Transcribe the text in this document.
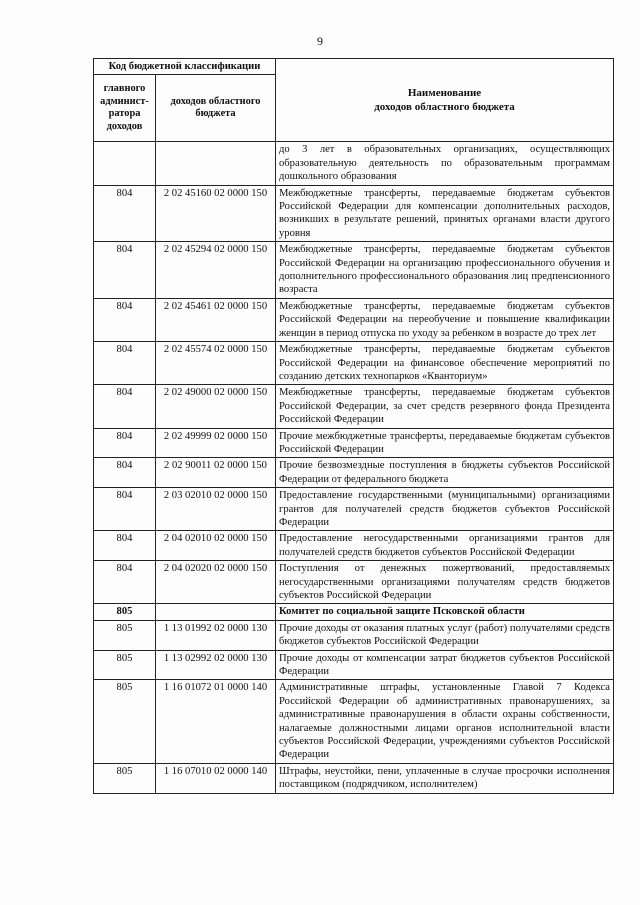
9
Код бюджетной классификации		Наименование
доходов областного бюджета

главного админист-ратора доходов	доходов областного бюджета	
		до 3 лет в образовательных организациях, осуществляющих образовательную деятельность по образовательным программам дошкольного образования
804	2 02 45160 02 0000 150	Межбюджетные трансферты, передаваемые бюджетам субъектов Российской Федерации для компенсации дополнительных расходов, возникших в результате решений, принятых органами власти другого уровня
804	2 02 45294 02 0000 150	Межбюджетные трансферты, передаваемые бюджетам субъектов Российской Федерации на организацию профессионального обучения и дополнительного профессионального образования лиц предпенсионного возраста
804	2 02 45461 02 0000 150	Межбюджетные трансферты, передаваемые бюджетам субъектов Российской Федерации на переобучение и повышение квалификации женщин в период отпуска по уходу за ребенком в возрасте до трех лет
804	2 02 45574 02 0000 150	Межбюджетные трансферты, передаваемые бюджетам субъектов Российской Федерации на финансовое обеспечение мероприятий по созданию детских технопарков «Кванториум»
804	2 02 49000 02 0000 150	Межбюджетные трансферты, передаваемые бюджетам субъектов Российской Федерации, за счет средств резервного фонда Президента Российской Федерации
804	2 02 49999 02 0000 150	Прочие межбюджетные трансферты, передаваемые бюджетам субъектов Российской Федерации
804	2 02 90011 02 0000 150	Прочие безвозмездные поступления в бюджеты субъектов Российской Федерации от федерального бюджета
804	2 03 02010 02 0000 150	Предоставление государственными (муниципальными) организациями грантов для получателей средств бюджетов субъектов Российской Федерации
804	2 04 02010 02 0000 150	Предоставление негосударственными организациями грантов для получателей средств бюджетов субъектов Российской Федерации
804	2 04 02020 02 0000 150	Поступления от денежных пожертвований, предоставляемых негосударственными организациями получателям средств бюджетов субъектов Российской Федерации
805		Комитет по социальной защите Псковской области
805	1 13 01992 02 0000 130	Прочие доходы от оказания платных услуг (работ) получателями средств бюджетов субъектов Российской Федерации
805	1 13 02992 02 0000 130	Прочие доходы от компенсации затрат бюджетов субъектов Российской Федерации
805	1 16 01072 01 0000 140	Административные штрафы, установленные Главой 7 Кодекса Российской Федерации об административных правонарушениях, за административные правонарушения в области охраны собственности, налагаемые должностными лицами органов исполнительной власти субъектов Российской Федерации, учреждениями субъектов Российской Федерации
805	1 16 07010 02 0000 140	Штрафы, неустойки, пени, уплаченные в случае просрочки исполнения поставщиком (подрядчиком, исполнителем)
